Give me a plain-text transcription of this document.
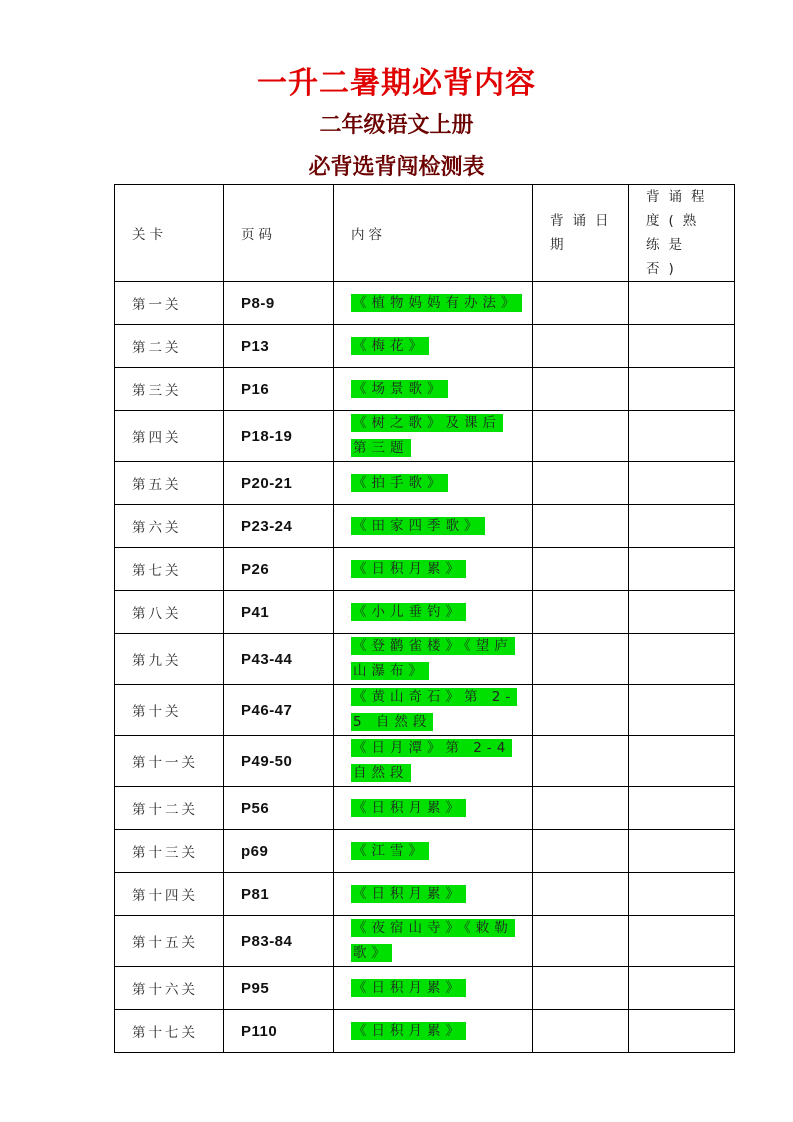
一升二暑期必背内容
二年级语文上册
必背选背闯检测表
关卡	页码	内容	背诵日期	背诵程度(熟练是否)
第一关	P8-9	《植物妈妈有办法》		
第二关	P13	《梅花》		
第三关	P16	《场景歌》		
第四关	P18-19	《树之歌》及课后第三题		
第五关	P20-21	《拍手歌》		
第六关	P23-24	《田家四季歌》		
第七关	P26	《日积月累》		
第八关	P41	《小儿垂钓》		
第九关	P43-44	《登鹳雀楼》《望庐山瀑布》		
第十关	P46-47	《黄山奇石》第 2-5 自然段		
第十一关	P49-50	《日月潭》第 2-4 自然段		
第十二关	P56	《日积月累》		
第十三关	p69	《江雪》		
第十四关	P81	《日积月累》		
第十五关	P83-84	《夜宿山寺》《敕勒歌》		
第十六关	P95	《日积月累》		
第十七关	P110	《日积月累》		
